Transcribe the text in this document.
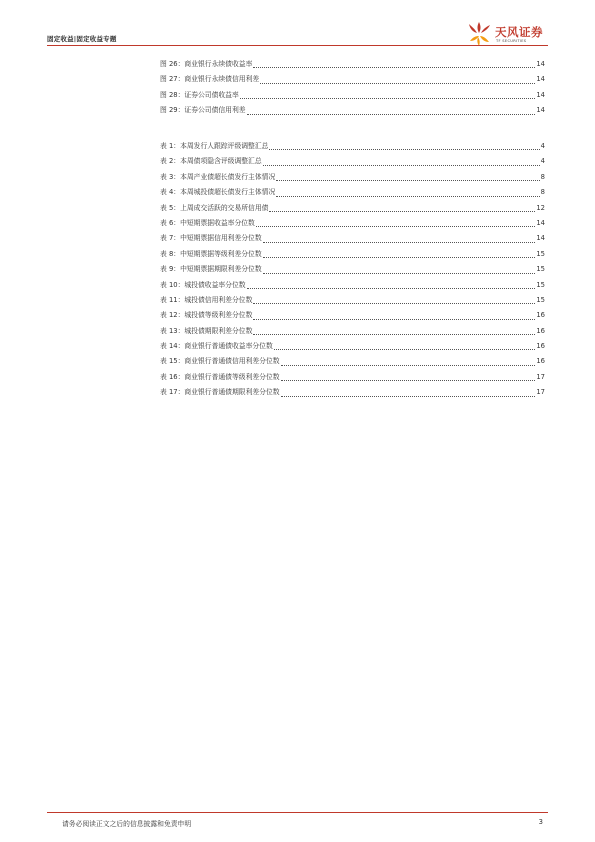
固定收益|固定收益专题	天风证券
TF SECURITIES
图 26：商业银行永续债收益率	14
图 27：商业银行永续债信用利差	14
图 28：证券公司债收益率	14
图 29：证券公司债信用利差	14
表 1：本周发行人跟踪评级调整汇总	4
表 2：本周债项隐含评级调整汇总	4
表 3：本周产业债超长债发行主体情况	8
表 4：本周城投债超长债发行主体情况	8
表 5：上周成交活跃的交易所信用债	12
表 6：中短期票据收益率分位数	14
表 7：中短期票据信用利差分位数	14
表 8：中短期票据等级利差分位数	15
表 9：中短期票据期限利差分位数	15
表 10：城投债收益率分位数	15
表 11：城投债信用利差分位数	15
表 12：城投债等级利差分位数	16
表 13：城投债期限利差分位数	16
表 14：商业银行普通债收益率分位数	16
表 15：商业银行普通债信用利差分位数	16
表 16：商业银行普通债等级利差分位数	17
表 17：商业银行普通债期限利差分位数	17
请务必阅读正文之后的信息披露和免责申明	3
